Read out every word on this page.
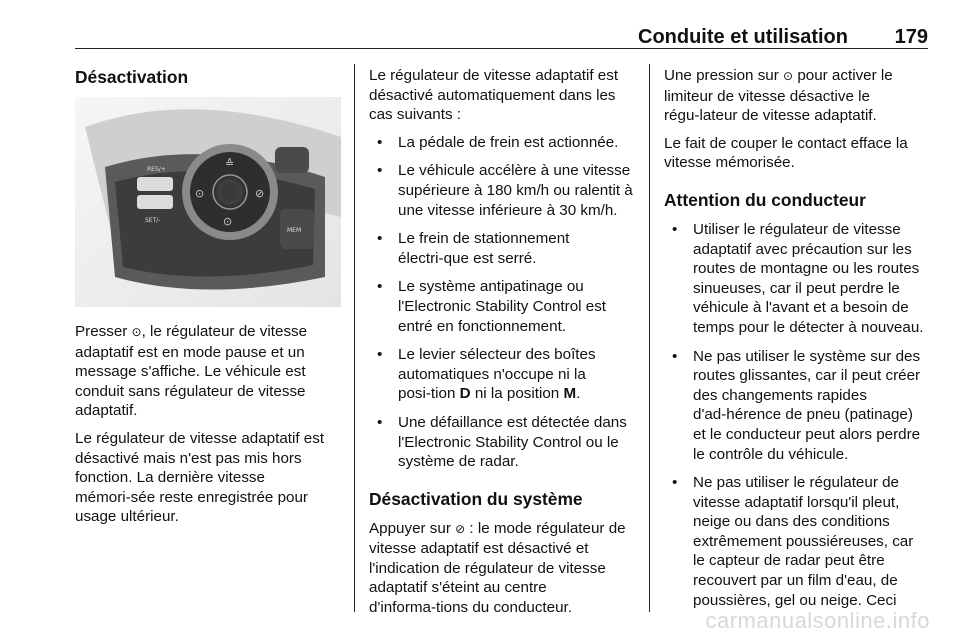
Conduite et utilisation 179
Désactivation
RES/+
SET/-
MEM
≙
⊙	⊘
⊙

Presser ⊙, le régulateur de vitesse adaptatif est en mode pause et un message s'affiche. Le véhicule est conduit sans régulateur de vitesse adaptatif.

Le régulateur de vitesse adaptatif est désactivé mais n'est pas mis hors fonction. La dernière vitesse mémori‑sée reste enregistrée pour usage ultérieur.

Le régulateur de vitesse adaptatif est désactivé automatiquement dans les cas suivants :

• La pédale de frein est actionnée.
• Le véhicule accélère à une vitesse supérieure à 180 km/h ou ralentit à une vitesse inférieure à 30 km/h.
• Le frein de stationnement électri‑que est serré.
• Le système antipatinage ou l'Electronic Stability Control est entré en fonctionnement.
• Le levier sélecteur des boîtes automatiques n'occupe ni la posi‑tion D ni la position M.
• Une défaillance est détectée dans l'Electronic Stability Control ou le système de radar.
Désactivation du système

Appuyer sur ⊘ : le mode régulateur de vitesse adaptatif est désactivé et l'indication de régulateur de vitesse adaptatif s'éteint au centre d'informa‑tions du conducteur.

Une pression sur ⊙ pour activer le limiteur de vitesse désactive le régu‑lateur de vitesse adaptatif.

Le fait de couper le contact efface la vitesse mémorisée.

Attention du conducteur
• Utiliser le régulateur de vitesse adaptatif avec précaution sur les routes de montagne ou les routes sinueuses, car il peut perdre le véhicule à l'avant et a besoin de temps pour le détecter à nouveau.
• Ne pas utiliser le système sur des routes glissantes, car il peut créer des changements rapides d'ad‑hérence de pneu (patinage) et le conducteur peut alors perdre le contrôle du véhicule.
• Ne pas utiliser le régulateur de vitesse adaptatif lorsqu'il pleut, neige ou dans des conditions extrêmement poussiéreuses, car le capteur de radar peut être recouvert par un film d'eau, de poussières, gel ou neige. Ceci
carmanualsonline.info
